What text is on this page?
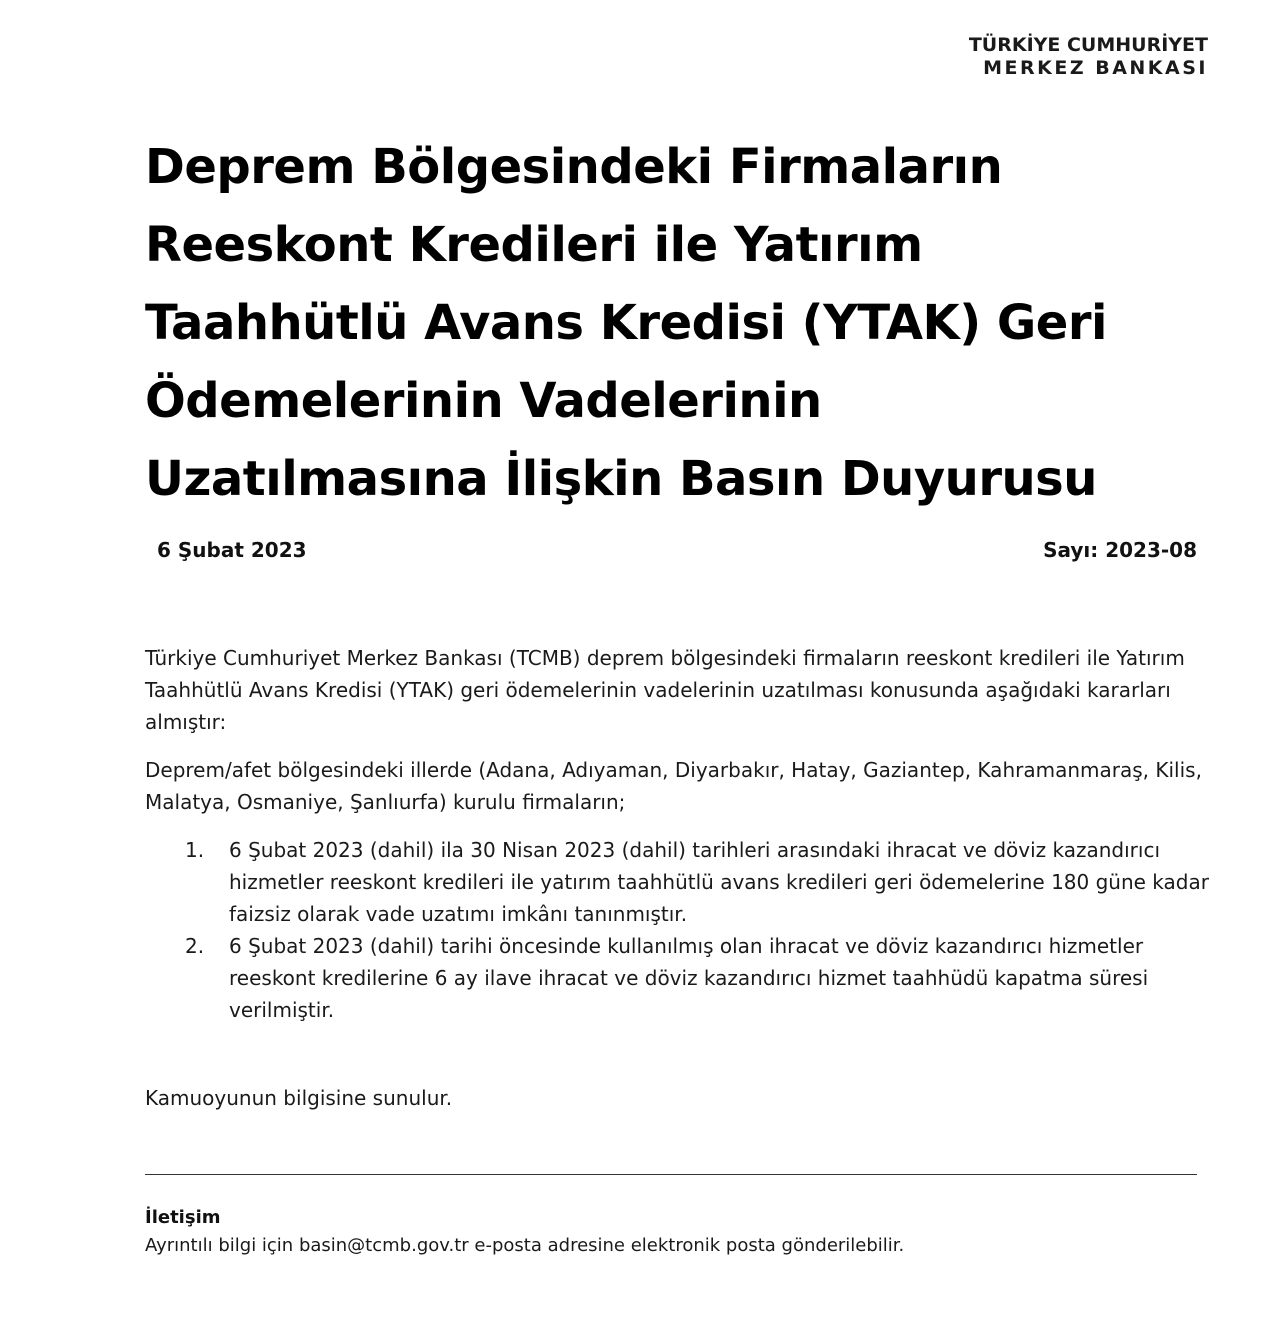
TÜRKİYE CUMHURİYET
MERKEZ BANKASI
Deprem Bölgesindeki Firmaların Reeskont Kredileri ile Yatırım Taahhütlü Avans Kredisi (YTAK) Geri Ödemelerinin Vadelerinin Uzatılmasına İlişkin Basın Duyurusu
6 Şubat 2023	Sayı: 2023-08

Türkiye Cumhuriyet Merkez Bankası (TCMB) deprem bölgesindeki firmaların reeskont kredileri ile Yatırım Taahhütlü Avans Kredisi (YTAK) geri ödemelerinin vadelerinin uzatılması konusunda aşağıdaki kararları almıştır:

Deprem/afet bölgesindeki illerde (Adana, Adıyaman, Diyarbakır, Hatay, Gaziantep, Kahramanmaraş, Kilis, Malatya, Osmaniye, Şanlıurfa) kurulu firmaların;

1. 6 Şubat 2023 (dahil) ila 30 Nisan 2023 (dahil) tarihleri arasındaki ihracat ve döviz kazandırıcı hizmetler reeskont kredileri ile yatırım taahhütlü avans kredileri geri ödemelerine 180 güne kadar faizsiz olarak vade uzatımı imkânı tanınmıştır.
2. 6 Şubat 2023 (dahil) tarihi öncesinde kullanılmış olan ihracat ve döviz kazandırıcı hizmetler reeskont kredilerine 6 ay ilave ihracat ve döviz kazandırıcı hizmet taahhüdü kapatma süresi verilmiştir.
Kamuoyunun bilgisine sunulur.
İletişim
Ayrıntılı bilgi için basin@tcmb.gov.tr e-posta adresine elektronik posta gönderilebilir.
